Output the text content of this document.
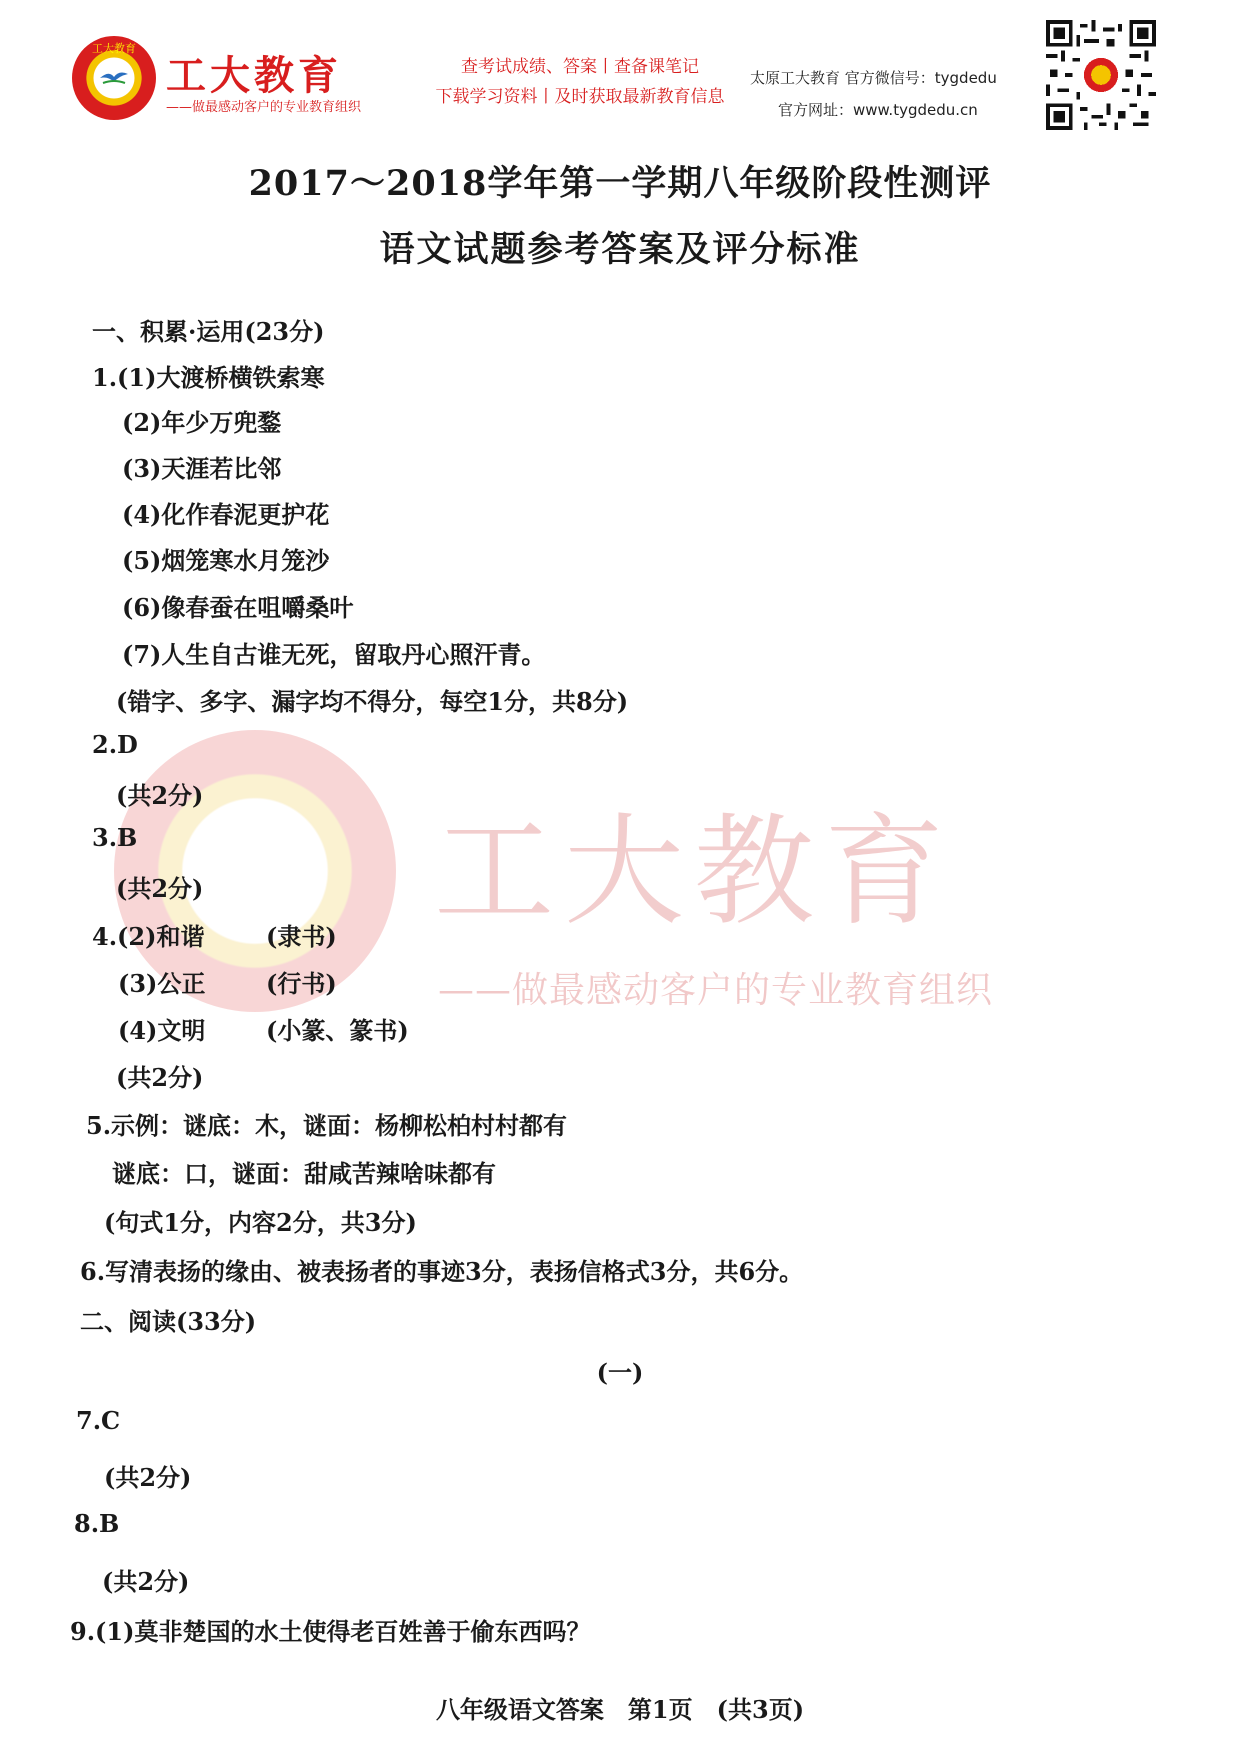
工大教育
工大教育
——做最感动客户的专业教育组织
查考试成绩、答案丨查备课笔记
下载学习资料丨及时获取最新教育信息
太原工大教育 官方微信号：tygdedu
官方网址：www.tygdedu.cn
2017～2018学年第一学期八年级阶段性测评
语文试题参考答案及评分标准
工大教育
——做最感动客户的专业教育组织
一、积累·运用(23分)
1.(1)大渡桥横铁索寒
(2)年少万兜鍪
(3)天涯若比邻
(4)化作春泥更护花
(5)烟笼寒水月笼沙
(6)像春蚕在咀嚼桑叶
(7)人生自古谁无死，留取丹心照汗青。
(错字、多字、漏字均不得分，每空1分，共8分)
2.D
(共2分)
3.B
(共2分)
4.(2)和谐	(隶书)
(3)公正	(行书)
(4)文明	(小篆、篆书)
(共2分)
5.示例：谜底：木，谜面：杨柳松柏村村都有
谜底：口，谜面：甜咸苦辣啥味都有
(句式1分，内容2分，共3分)
6.写清表扬的缘由、被表扬者的事迹3分，表扬信格式3分，共6分。
二、阅读(33分)
(一)
7.C
(共2分)
8.B
(共2分)
9.(1)莫非楚国的水土使得老百姓善于偷东西吗？
八年级语文答案　第1页　(共3页)
